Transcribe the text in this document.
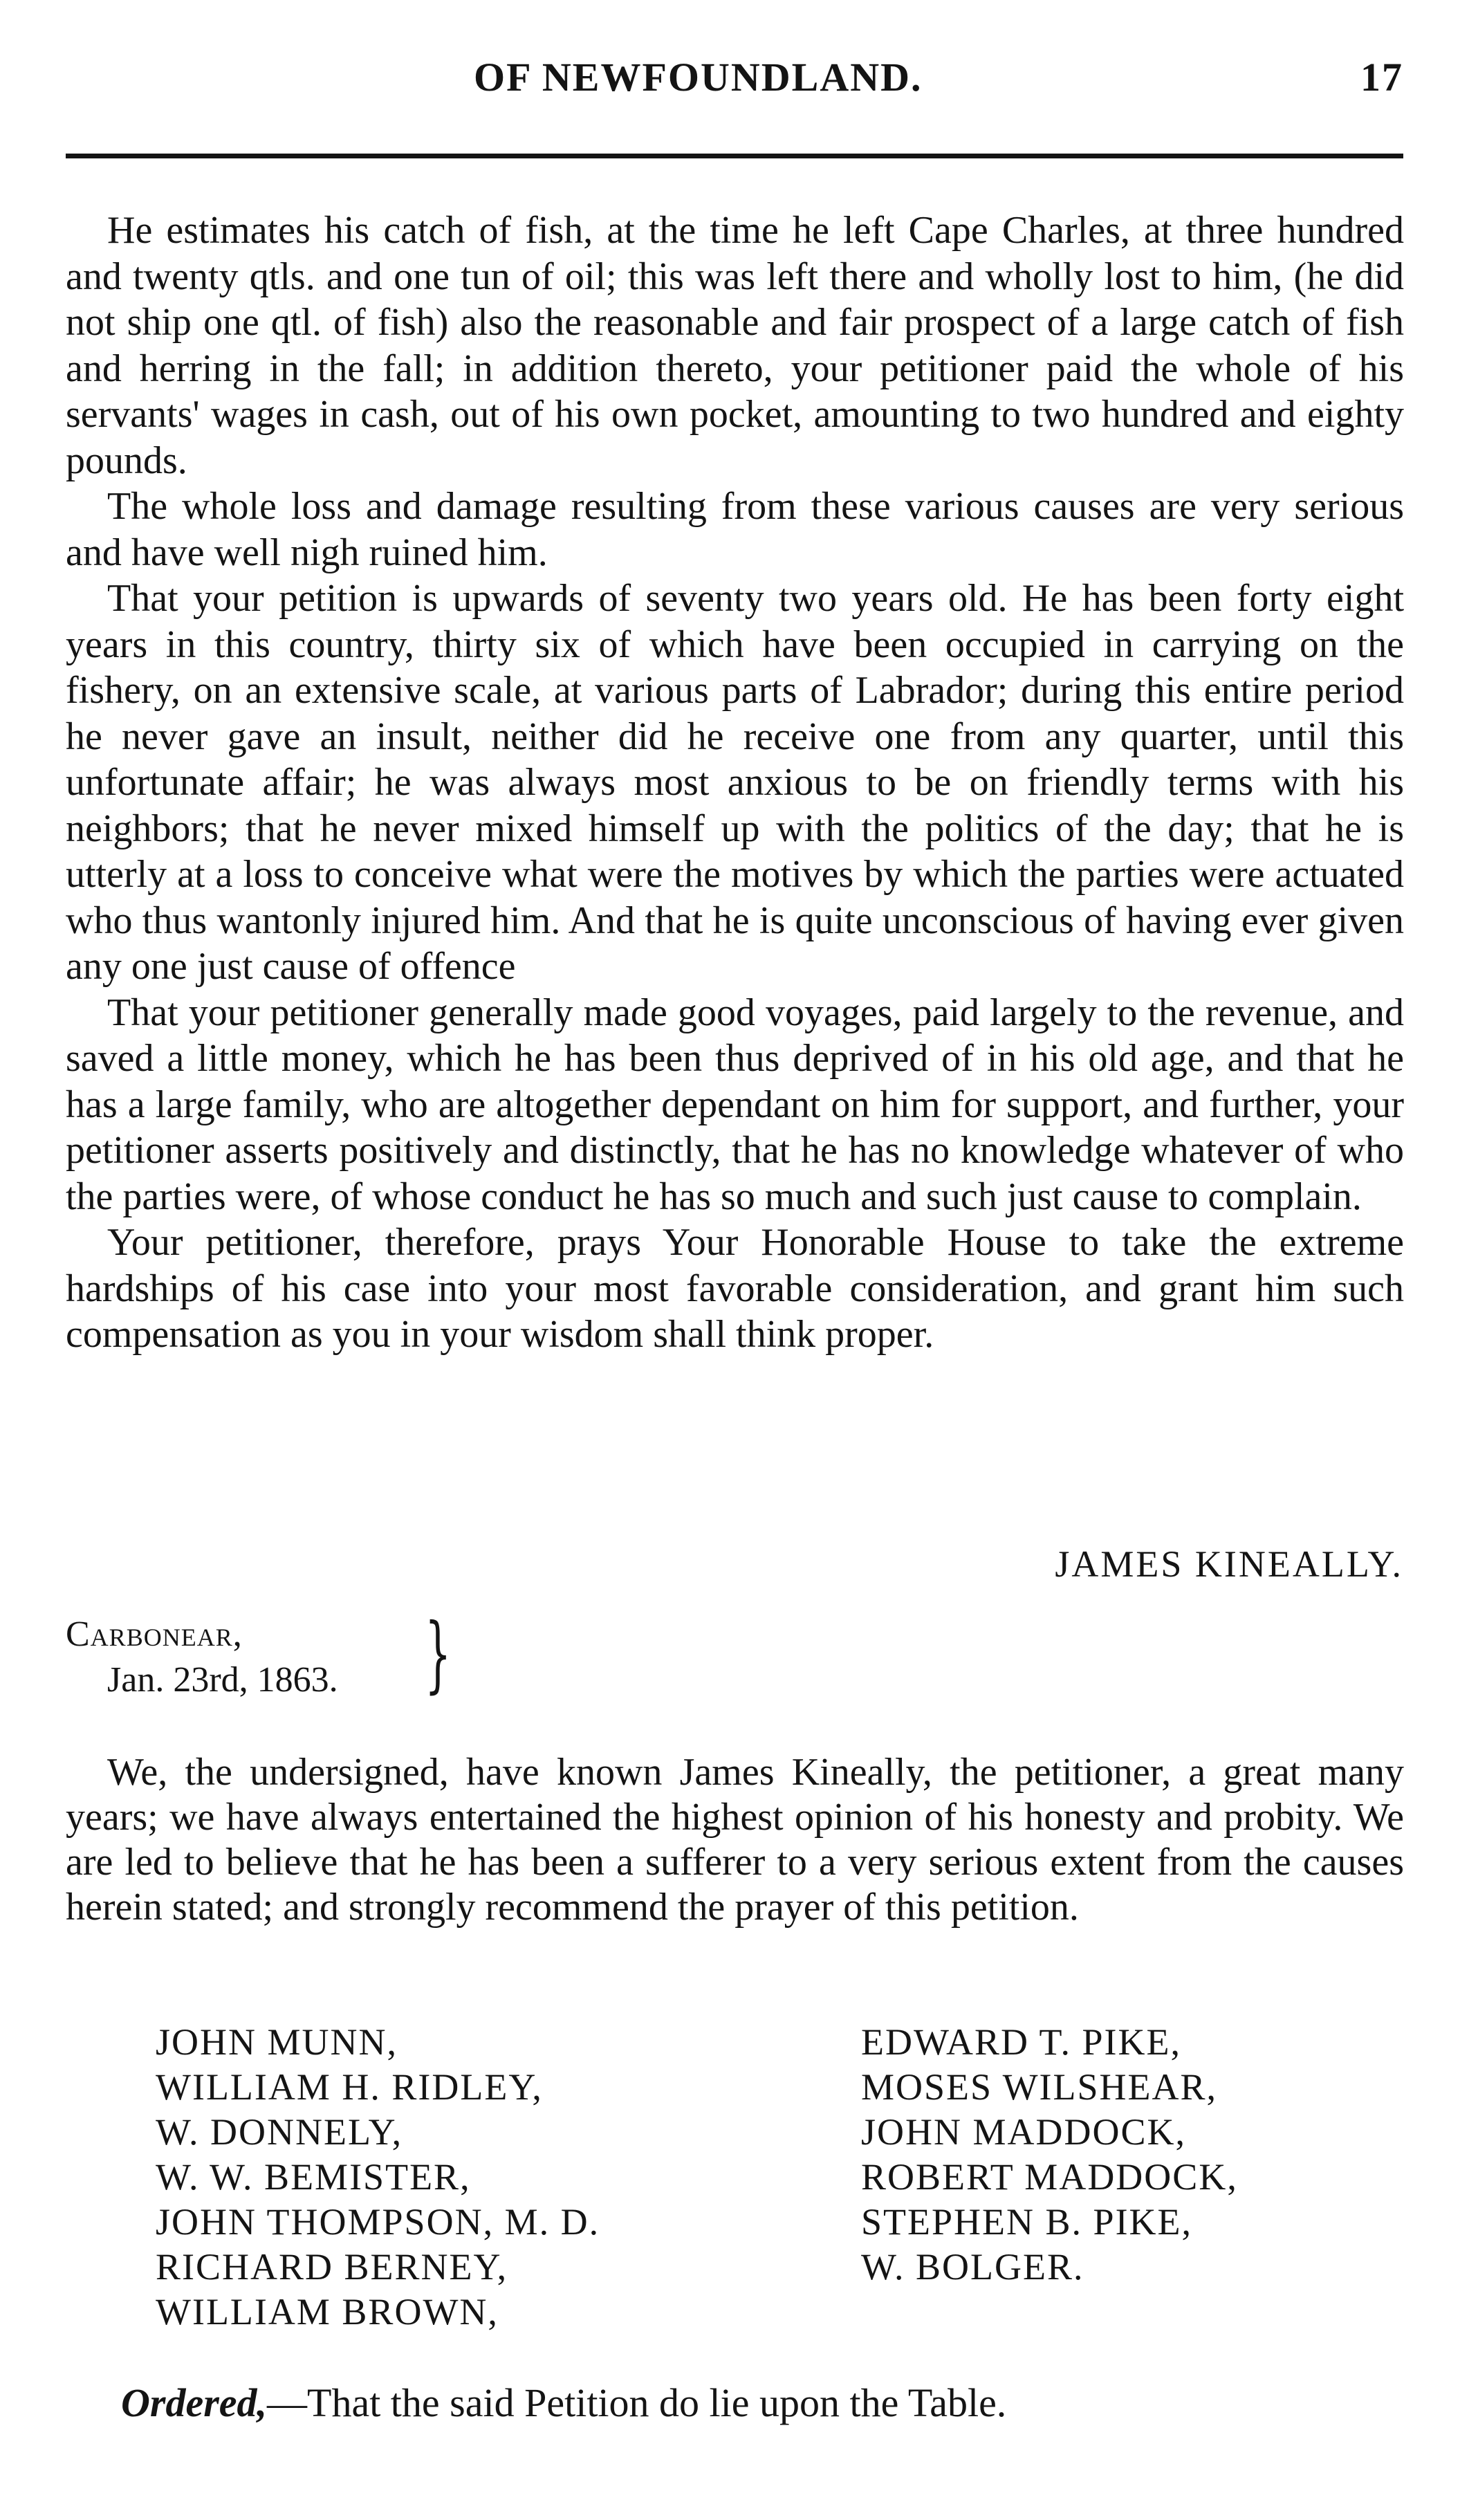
OF NEWFOUNDLAND.	17

He estimates his catch of fish, at the time he left Cape Charles, at three hundred and twenty qtls. and one tun of oil; this was left there and wholly lost to him, (he did not ship one qtl. of fish) also the reasonable and fair prospect of a large catch of fish and herring in the fall; in addition thereto, your petitioner paid the whole of his servants' wages in cash, out of his own pocket, amounting to two hundred and eighty pounds.

The whole loss and damage resulting from these various causes are very serious and have well nigh ruined him.

That your petition is upwards of seventy two years old. He has been forty eight years in this country, thirty six of which have been occupied in carrying on the fishery, on an extensive scale, at various parts of Labrador; during this entire period he never gave an insult, neither did he receive one from any quarter, until this unfortunate affair; he was always most anxious to be on friendly terms with his neighbors; that he never mixed himself up with the politics of the day; that he is utterly at a loss to conceive what were the motives by which the parties were actuated who thus wantonly injured him. And that he is quite unconscious of having ever given any one just cause of offence

That your petitioner generally made good voyages, paid largely to the revenue, and saved a little money, which he has been thus deprived of in his old age, and that he has a large family, who are altogether dependant on him for support, and further, your petitioner asserts positively and distinctly, that he has no knowledge whatever of who the parties were, of whose conduct he has so much and such just cause to complain.

Your petitioner, therefore, prays Your Honorable House to take the extreme hardships of his case into your most favorable consideration, and grant him such compensation as you in your wisdom shall think proper.

JAMES KINEALLY.
Carbonear,
Jan. 23rd, 1863. }

We, the undersigned, have known James Kineally, the petitioner, a great many years; we have always entertained the highest opinion of his honesty and probity. We are led to believe that he has been a sufferer to a very serious extent from the causes herein stated; and strongly recommend the prayer of this petition.

JOHN MUNN,
WILLIAM H. RIDLEY,
W. DONNELY,
W. W. BEMISTER,
JOHN THOMPSON, M. D.
RICHARD BERNEY,
WILLIAM BROWN,
EDWARD T. PIKE,
MOSES WILSHEAR,
JOHN MADDOCK,
ROBERT MADDOCK,
STEPHEN B. PIKE,
W. BOLGER.
Ordered,—That the said Petition do lie upon the Table.
